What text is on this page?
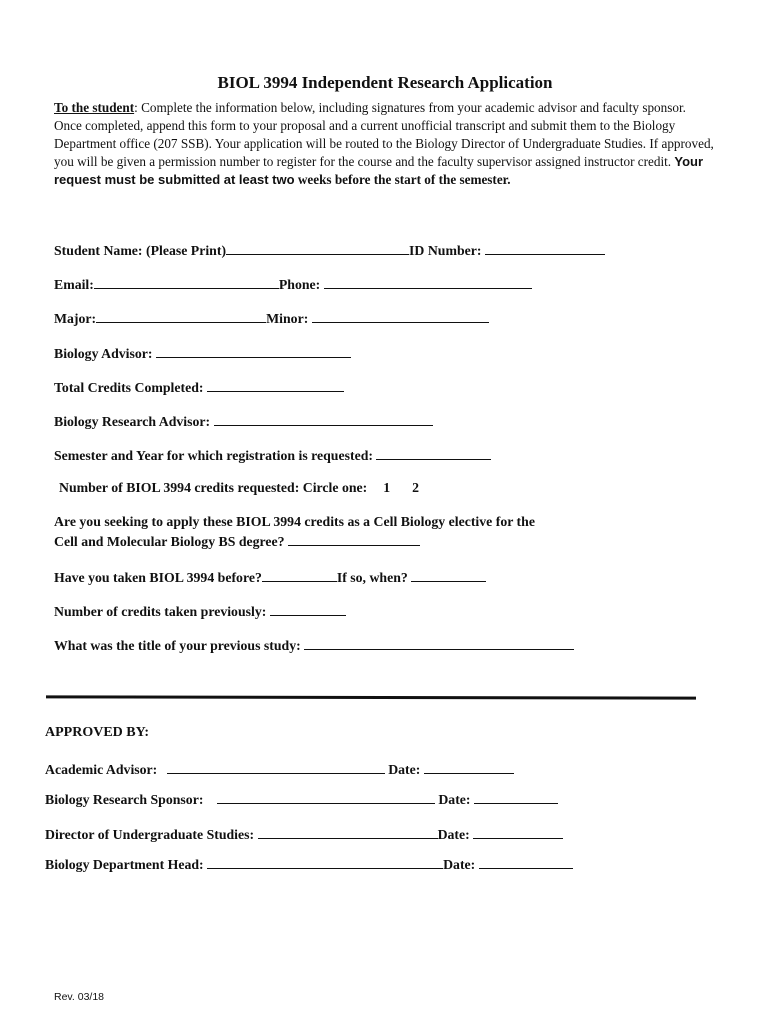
BIOL 3994 Independent Research Application
To the student: Complete the information below, including signatures from your academic advisor and faculty sponsor. Once completed, append this form to your proposal and a current unofficial transcript and submit them to the Biology Department office (207 SSB). Your application will be routed to the Biology Director of Undergraduate Studies. If approved, you will be given a permission number to register for the course and the faculty supervisor assigned instructor credit. Your request must be submitted at least two weeks before the start of the semester.
Student Name: (Please Print)	ID Number:
Email:	Phone:
Major:	Minor:
Biology Advisor:
Total Credits Completed:
Biology Research Advisor:
Semester and Year for which registration is requested:
Number of BIOL 3994 credits requested: Circle one: 1 2
Are you seeking to apply these BIOL 3994 credits as a Cell Biology elective for the
Cell and Molecular Biology BS degree?
Have you taken BIOL 3994 before?	If so, when?
Number of credits taken previously:
What was the title of your previous study:
APPROVED BY:
Academic Advisor:	Date:
Biology Research Sponsor:	Date:
Director of Undergraduate Studies:	Date:
Biology Department Head:	Date:
Rev. 03/18
